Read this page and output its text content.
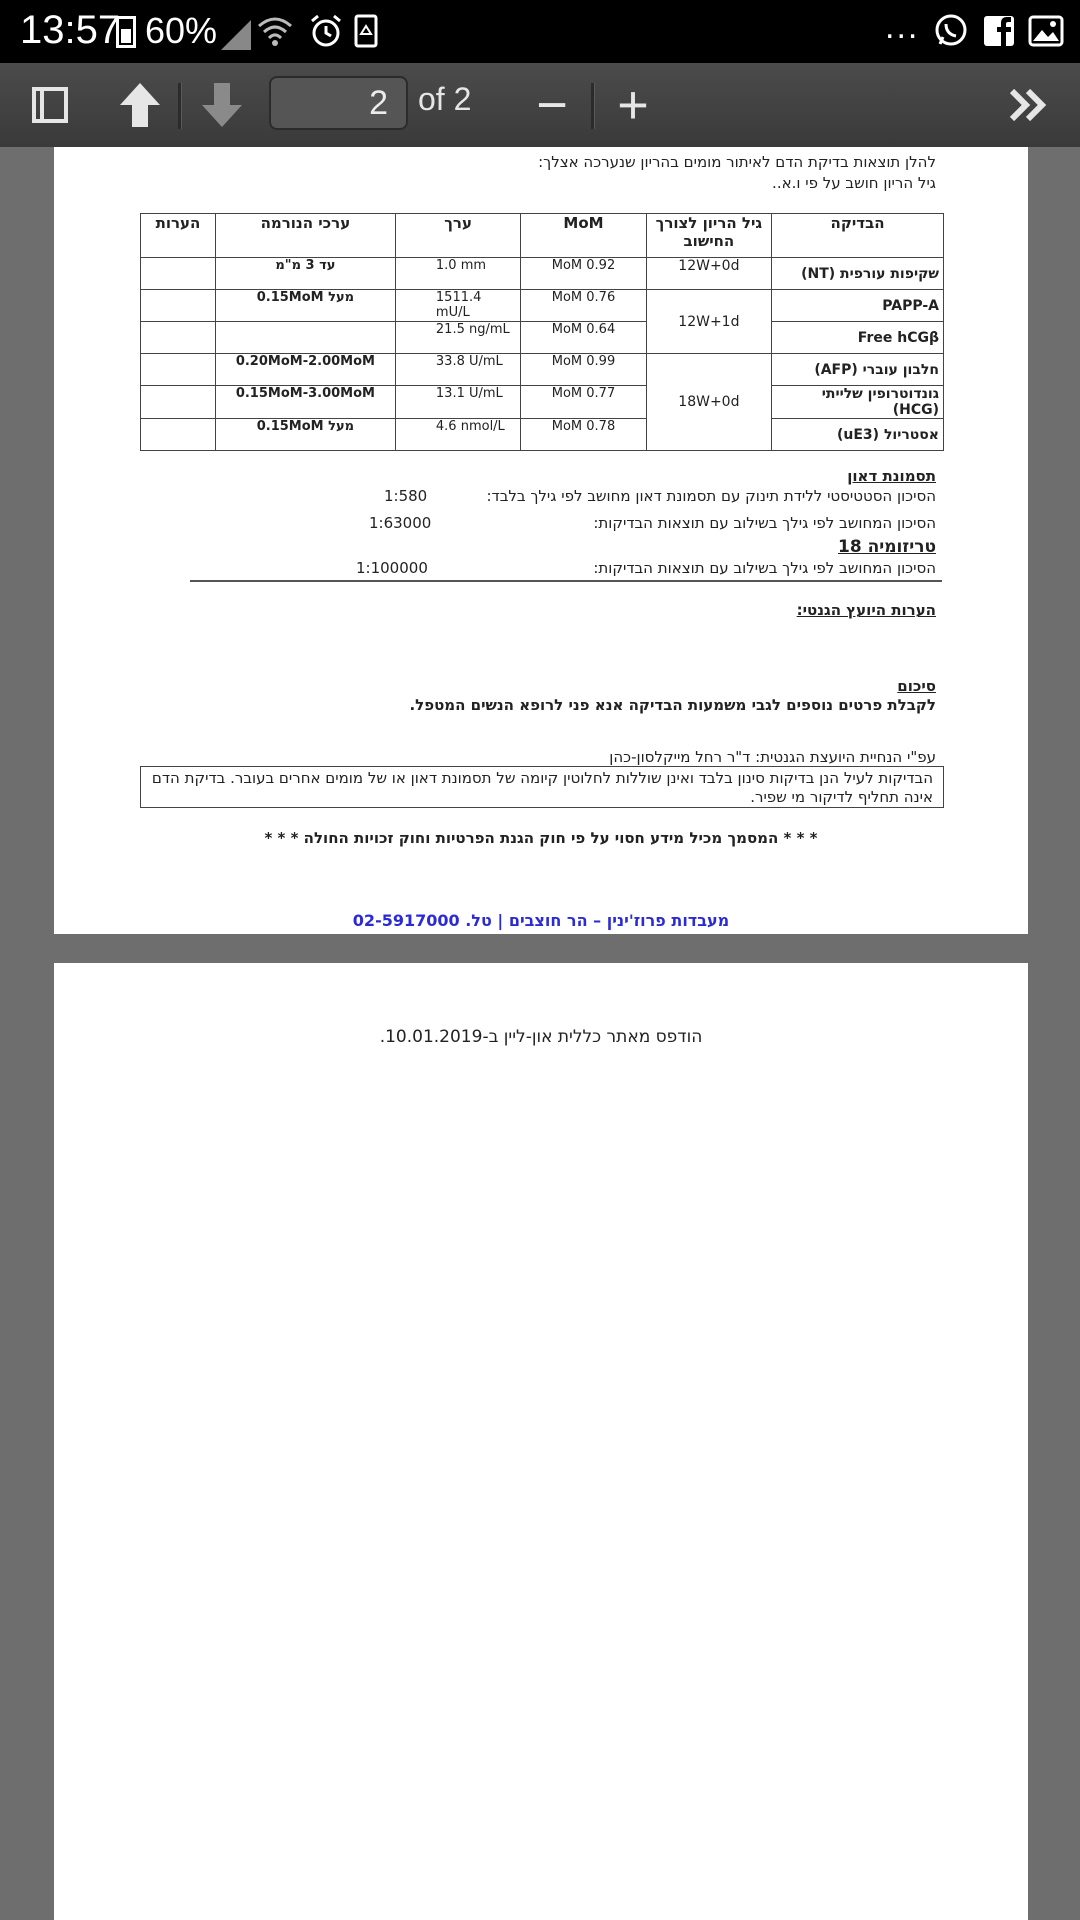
13:57 60%	...
2 of 2 − +
להלן תוצאות בדיקת הדם לאיתור מומים בהריון שנערכה אצלך:
גיל הריון חושב על פי ו.א..
הבדיקה	גיל הריון לצורך החישוב	MoM	ערך	ערכי הנורמה	הערות
שקיפות עורפית (NT)	12W+0d	0.92 MoM	1.0 mm	עד 3 מ"מ	
PAPP-A	12W+1d	0.76 MoM	1511.4 mU/L	מעל 0.15MoM	
Free hCGβ		0.64 MoM	21.5 ng/mL		
חלבון עוברי (AFP)	18W+0d	0.99 MoM	33.8 U/mL	0.20MoM-2.00MoM	
גונדוטרופין שלייתי (HCG)		0.77 MoM	13.1 U/mL	0.15MoM-3.00MoM	
אסטריול (uE3)		0.78 MoM	4.6 nmol/L	מעל 0.15MoM	
תסמונת דאון
הסיכון הסטטיסטי ללידת תינוק עם תסמונת דאון מחושב לפי גילך בלבד:
1:580
הסיכון המחושב לפי גילך בשילוב עם תוצאות הבדיקות:
1:63000
טריזומיה 18
הסיכון המחושב לפי גילך בשילוב עם תוצאות הבדיקות:
1:100000
הערות היועץ הגנטי:
סיכום
לקבלת פרטים נוספים לגבי משמעות הבדיקה אנא פני לרופא הנשים המטפל.
עפ"י הנחיית היועצת הגנטית: ד"ר רחל מייקלסון-כהן
הבדיקות לעיל הנן בדיקות סינון בלבד ואינן שוללות לחלוטין קיומה של תסמונת דאון או של מומים אחרים בעובר. בדיקת הדם אינה תחליף לדיקור מי שפיר.
* * * המסמך מכיל מידע חסוי על פי חוק הגנת הפרטיות וחוק זכויות החולה * * *
מעבדות פרוז'ינין – הר חוצבים | טל. 02-5917000
הודפס מאתר כללית און-ליין ב-10.01.2019.
